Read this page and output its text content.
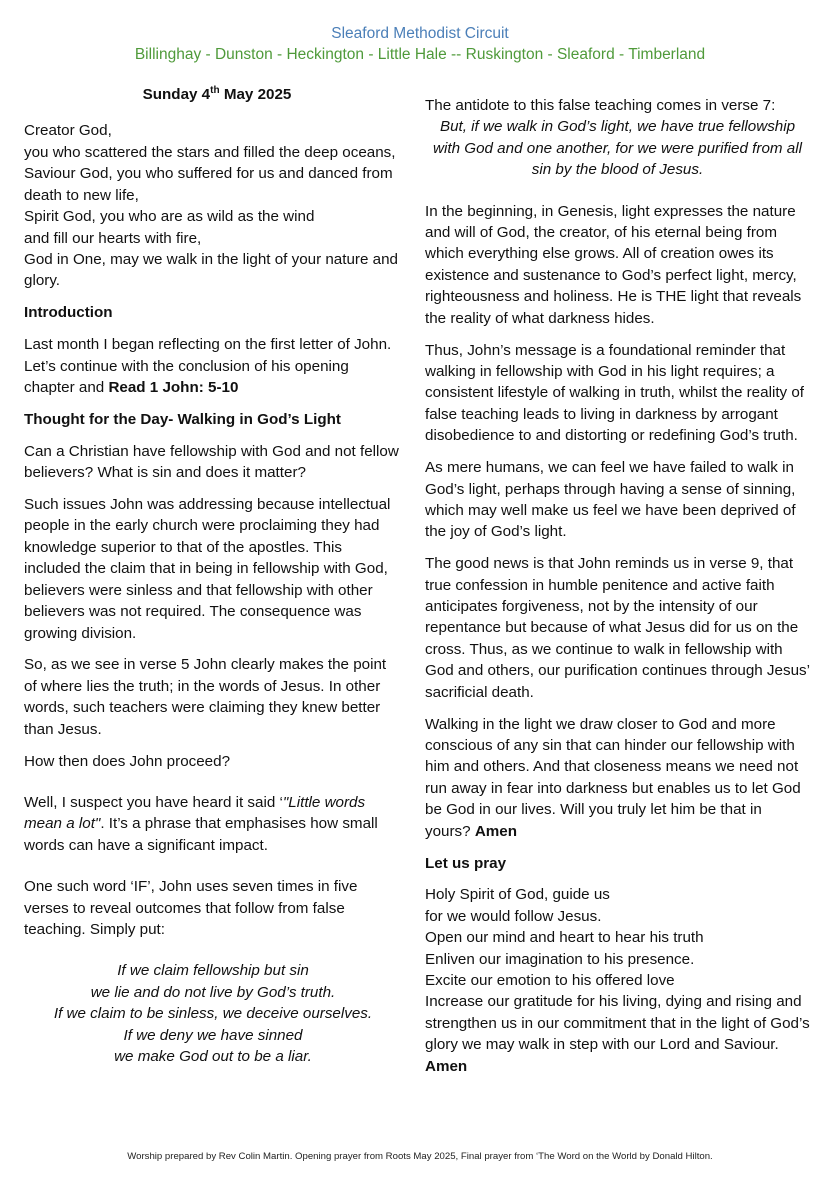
Sleaford Methodist Circuit
Billinghay - Dunston - Heckington - Little Hale -- Ruskington - Sleaford - Timberland
Sunday 4th May 2025

Creator God,
you who scattered the stars and filled the deep oceans,
Saviour God, you who suffered for us and danced from death to new life,
Spirit God, you who are as wild as the wind
and fill our hearts with fire,
God in One, may we walk in the light of your nature and glory.

Introduction

Last month I began reflecting on the first letter of John. Let’s continue with the conclusion of his opening chapter and Read 1 John: 5-10

Thought for the Day- Walking in God’s Light

Can a Christian have fellowship with God and not fellow believers? What is sin and does it matter?

Such issues John was addressing because intellectual people in the early church were proclaiming they had knowledge superior to that of the apostles. This included the claim that in being in fellowship with God, believers were sinless and that fellowship with other believers was not required. The consequence was growing division.

So, as we see in verse 5 John clearly makes the point of where lies the truth; in the words of Jesus. In other words, such teachers were claiming they knew better than Jesus.

How then does John proceed?

Well, I suspect you have heard it said ‘"Little words mean a lot". It’s a phrase that emphasises how small words can have a significant impact.

One such word ‘IF’, John uses seven times in five verses to reveal outcomes that follow from false teaching. Simply put:

If we claim fellowship but sin
we lie and do not live by God’s truth.
If we claim to be sinless, we deceive ourselves.
If we deny we have sinned
we make God out to be a liar.

The antidote to this false teaching comes in verse 7:

But, if we walk in God’s light, we have true fellowship with God and one another, for we were purified from all sin by the blood of Jesus.

In the beginning, in Genesis, light expresses the nature and will of God, the creator, of his eternal being from which everything else grows. All of creation owes its existence and sustenance to God’s perfect light, mercy, righteousness and holiness. He is THE light that reveals the reality of what darkness hides.

Thus, John’s message is a foundational reminder that walking in fellowship with God in his light requires; a consistent lifestyle of walking in truth, whilst the reality of false teaching leads to living in darkness by arrogant disobedience to and distorting or redefining God’s truth.

As mere humans, we can feel we have failed to walk in God’s light, perhaps through having a sense of sinning, which may well make us feel we have been deprived of the joy of God’s light.

The good news is that John reminds us in verse 9, that true confession in humble penitence and active faith anticipates forgiveness, not by the intensity of our repentance but because of what Jesus did for us on the cross. Thus, as we continue to walk in fellowship with God and others, our purification continues through Jesus’ sacrificial death.

Walking in the light we draw closer to God and more conscious of any sin that can hinder our fellowship with him and others. And that closeness means we need not run away in fear into darkness but enables us to let God be God in our lives. Will you truly let him be that in yours? Amen

Let us pray

Holy Spirit of God, guide us
for we would follow Jesus.
Open our mind and heart to hear his truth
Enliven our imagination to his presence.
Excite our emotion to his offered love
Increase our gratitude for his living, dying and rising and strengthen us in our commitment that in the light of God’s glory we may walk in step with our Lord and Saviour.
Amen

Worship prepared by Rev Colin Martin. Opening prayer from Roots May 2025, Final prayer from ‘The Word on the World by Donald Hilton.
